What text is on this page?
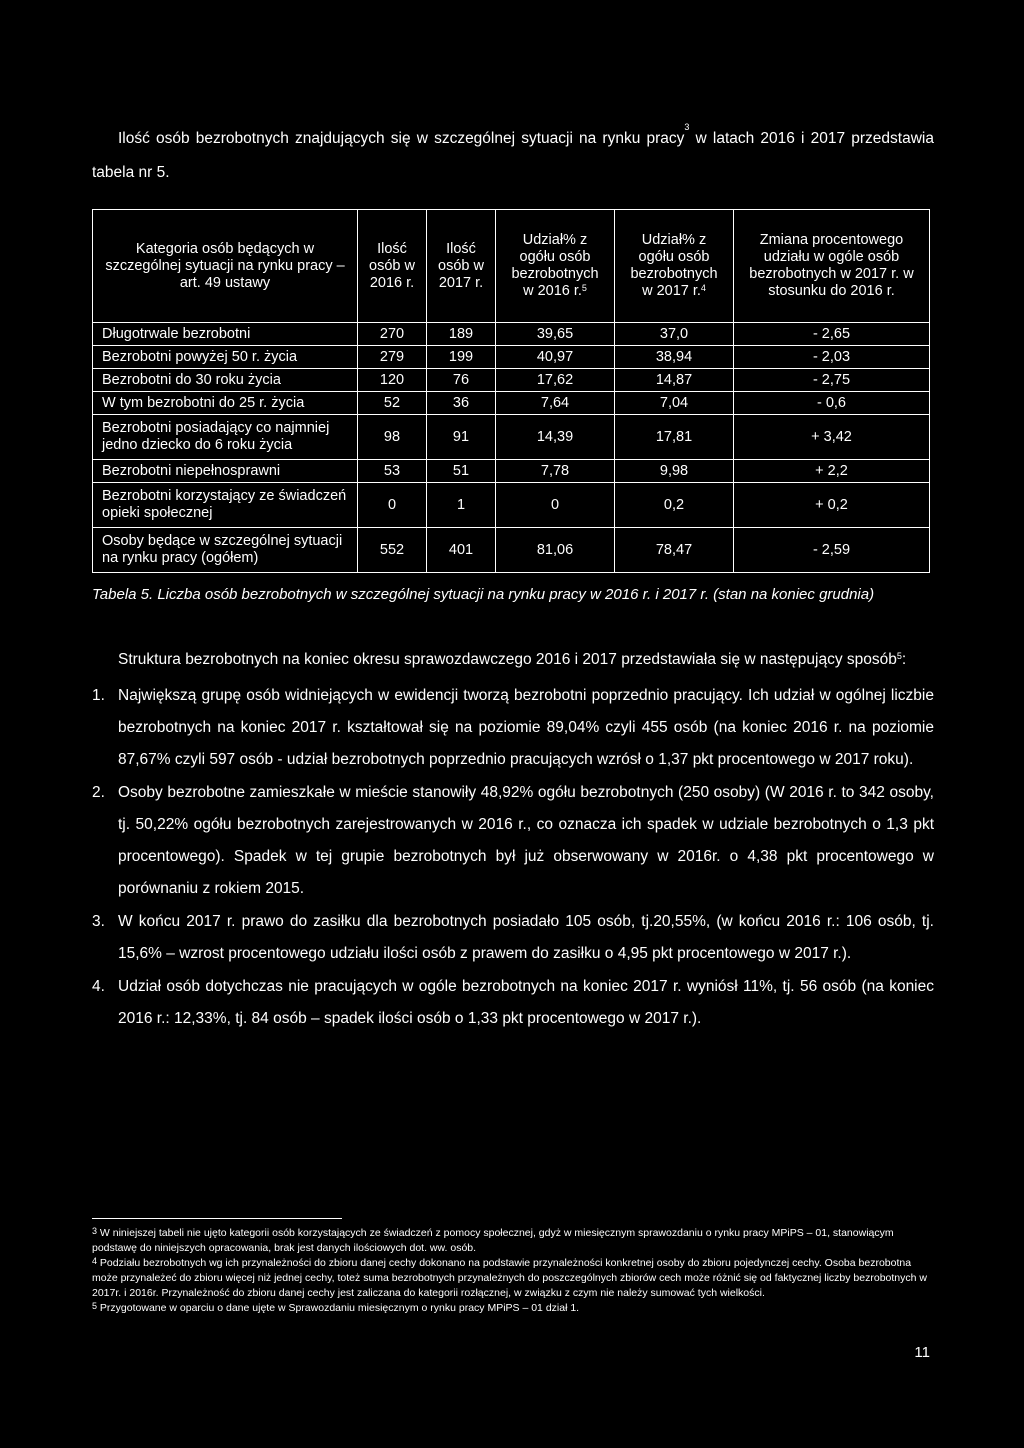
Ilość osób bezrobotnych znajdujących się w szczególnej sytuacji na rynku pracy$^3$ w latach 2016 i 2017 przedstawia tabela nr 5.

Kategoria osób będących w szczególnej sytuacji na rynku pracy – art. 49 ustawy	Ilość osób w 2016 r.	Ilość osób w 2017 r.	Udział% z ogółu osób bezrobotnych w 2016 r.$^5$	Udział% z ogółu osób bezrobotnych w 2017 r.$^4$	Zmiana procentowego udziału w ogóle osób bezrobotnych w 2017 r. w stosunku do 2016 r.
Długotrwale bezrobotni	270	189	39,65	37,0	- 2,65
Bezrobotni powyżej 50 r. życia	279	199	40,97	38,94	- 2,03
Bezrobotni do 30 roku życia	120	76	17,62	14,87	- 2,75
W tym bezrobotni do 25 r. życia	52	36	7,64	7,04	- 0,6
Bezrobotni posiadający co najmniej jedno dziecko do 6 roku życia	98	91	14,39	17,81	+ 3,42
Bezrobotni niepełnosprawni	53	51	7,78	9,98	+ 2,2
Bezrobotni korzystający ze świadczeń opieki społecznej	0	1	0	0,2	+ 0,2
Osoby będące w szczególnej sytuacji na rynku pracy (ogółem)	552	401	81,06	78,47	- 2,59
Tabela 5. Liczba osób bezrobotnych w szczególnej sytuacji na rynku pracy w 2016 r. i 2017 r. (stan na koniec grudnia)
Struktura bezrobotnych na koniec okresu sprawozdawczego 2016 i 2017 przedstawiała się w następujący sposób$^5$:
1. Największą grupę osób widniejących w ewidencji tworzą bezrobotni poprzednio pracujący. Ich udział w ogólnej liczbie bezrobotnych na koniec 2017 r. kształtował się na poziomie 89,04% czyli 455 osób (na koniec 2016 r. na poziomie 87,67% czyli 597 osób - udział bezrobotnych poprzednio pracujących wzrósł o 1,37 pkt procentowego w 2017 roku).
2. Osoby bezrobotne zamieszkałe w mieście stanowiły 48,92% ogółu bezrobotnych (250 osoby) (W 2016 r. to 342 osoby, tj. 50,22% ogółu bezrobotnych zarejestrowanych w 2016 r., co oznacza ich spadek w udziale bezrobotnych o 1,3 pkt procentowego). Spadek w tej grupie bezrobotnych był już obserwowany w 2016r. o 4,38 pkt procentowego w porównaniu z rokiem 2015.
3. W końcu 2017 r. prawo do zasiłku dla bezrobotnych posiadało 105 osób, tj.20,55%, (w końcu 2016 r.: 106 osób, tj. 15,6% – wzrost procentowego udziału ilości osób z prawem do zasiłku o 4,95 pkt procentowego w 2017 r.).
4. Udział osób dotychczas nie pracujących w ogóle bezrobotnych na koniec 2017 r. wyniósł 11%, tj. 56 osób (na koniec 2016 r.: 12,33%, tj. 84 osób – spadek ilości osób o 1,33 pkt procentowego w 2017 r.).

$^3$ W niniejszej tabeli nie ujęto kategorii osób korzystających ze świadczeń z pomocy społecznej, gdyż w miesięcznym sprawozdaniu o rynku pracy MPiPS – 01, stanowiącym podstawę do niniejszych opracowania, brak jest danych ilościowych dot. ww. osób.

$^4$ Podziału bezrobotnych wg ich przynależności do zbioru danej cechy dokonano na podstawie przynależności konkretnej osoby do zbioru pojedynczej cechy. Osoba bezrobotna może przynależeć do zbioru więcej niż jednej cechy, toteż suma bezrobotnych przynależnych do poszczególnych zbiorów cech może różnić się od faktycznej liczby bezrobotnych w 2017r. i 2016r. Przynależność do zbioru danej cechy jest zaliczana do kategorii rozłącznej, w związku z czym nie należy sumować tych wielkości.

$^5$ Przygotowane w oparciu o dane ujęte w Sprawozdaniu miesięcznym o rynku pracy MPiPS – 01 dział 1.

11
